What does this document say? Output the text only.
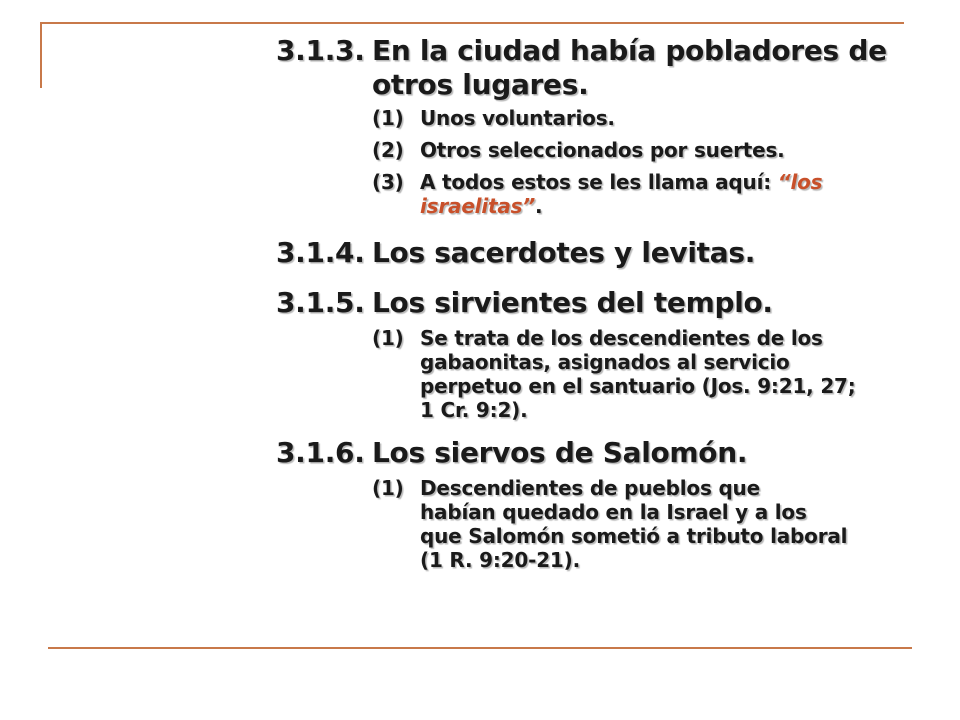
3.1.3. En la ciudad había pobladores de
otros lugares.
(1) Unos voluntarios.
(2) Otros seleccionados por suertes.
(3) A todos estos se les llama aquí: “los
israelitas”.
3.1.4. Los sacerdotes y levitas.
3.1.5. Los sirvientes del templo.
(1) Se trata de los descendientes de los
gabaonitas, asignados al servicio
perpetuo en el santuario (Jos. 9:21, 27;
1 Cr. 9:2).
3.1.6. Los siervos de Salomón.
(1) Descendientes de pueblos que
habían quedado en la Israel y a los
que Salomón sometió a tributo laboral
(1 R. 9:20-21).
